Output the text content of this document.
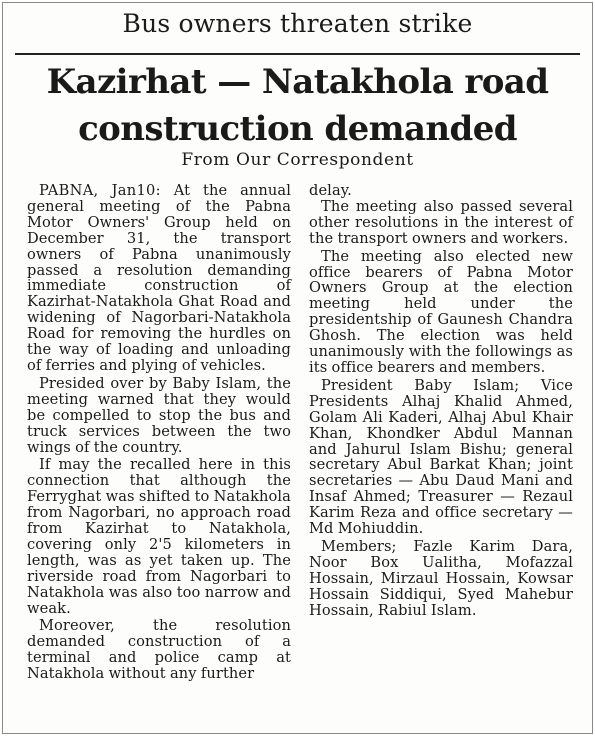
Bus owners threaten strike
Kazirhat — Natakhola road
construction demanded
From Our Correspondent

PABNA, Jan10: At the annual general meeting of the Pabna Motor Owners' Group held on December 31, the transport owners of Pabna unanimously passed a resolution demanding immediate construction of Kazirhat-Natakhola Ghat Road and widening of Nagorbari-Natakhola Road for removing the hurdles on the way of loading and unloading of ferries and plying of vehicles.

Presided over by Baby Islam, the meeting warned that they would be compelled to stop the bus and truck services between the two wings of the country.

If may the recalled here in this connection that although the Ferryghat was shifted to Natakhola from Nagorbari, no approach road from Kazirhat to Natakhola, covering only 2'5 kilometers in length, was as yet taken up. The riverside road from Nagorbari to Natakhola was also too narrow and weak.

Moreover, the resolution demanded construction of a terminal and police camp at Natakhola without any further

delay.

The meeting also passed several other resolutions in the interest of the transport owners and workers.

The meeting also elected new office bearers of Pabna Motor Owners Group at the election meeting held under the presidentship of Gaunesh Chandra Ghosh. The election was held unanimously with the followings as its office bearers and members.

President Baby Islam; Vice Presidents Alhaj Khalid Ahmed, Golam Ali Kaderi, Alhaj Abul Khair Khan, Khondker Abdul Mannan and Jahurul Islam Bishu; general secretary Abul Barkat Khan; joint secretaries — Abu Daud Mani and Insaf Ahmed; Treasurer — Rezaul Karim Reza and office secretary — Md Mohiuddin.

Members; Fazle Karim Dara, Noor Box Ualitha, Mofazzal Hossain, Mirzaul Hossain, Kowsar Hossain Siddiqui, Syed Mahebur Hossain, Rabiul Islam.
